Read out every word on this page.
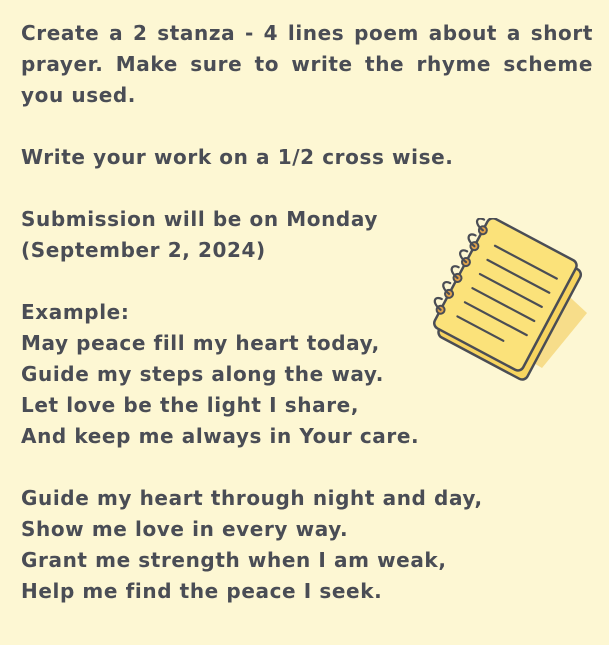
Create a 2 stanza - 4 lines poem about a short prayer. Make sure to write the rhyme scheme you used.

Write your work on a 1/2 cross wise.

Submission will be on Monday
(September 2, 2024)

Example:

May peace fill my heart today,
Guide my steps along the way.
Let love be the light I share,
And keep me always in Your care.
Guide my heart through night and day,
Show me love in every way.
Grant me strength when I am weak,
Help me find the peace I seek.
